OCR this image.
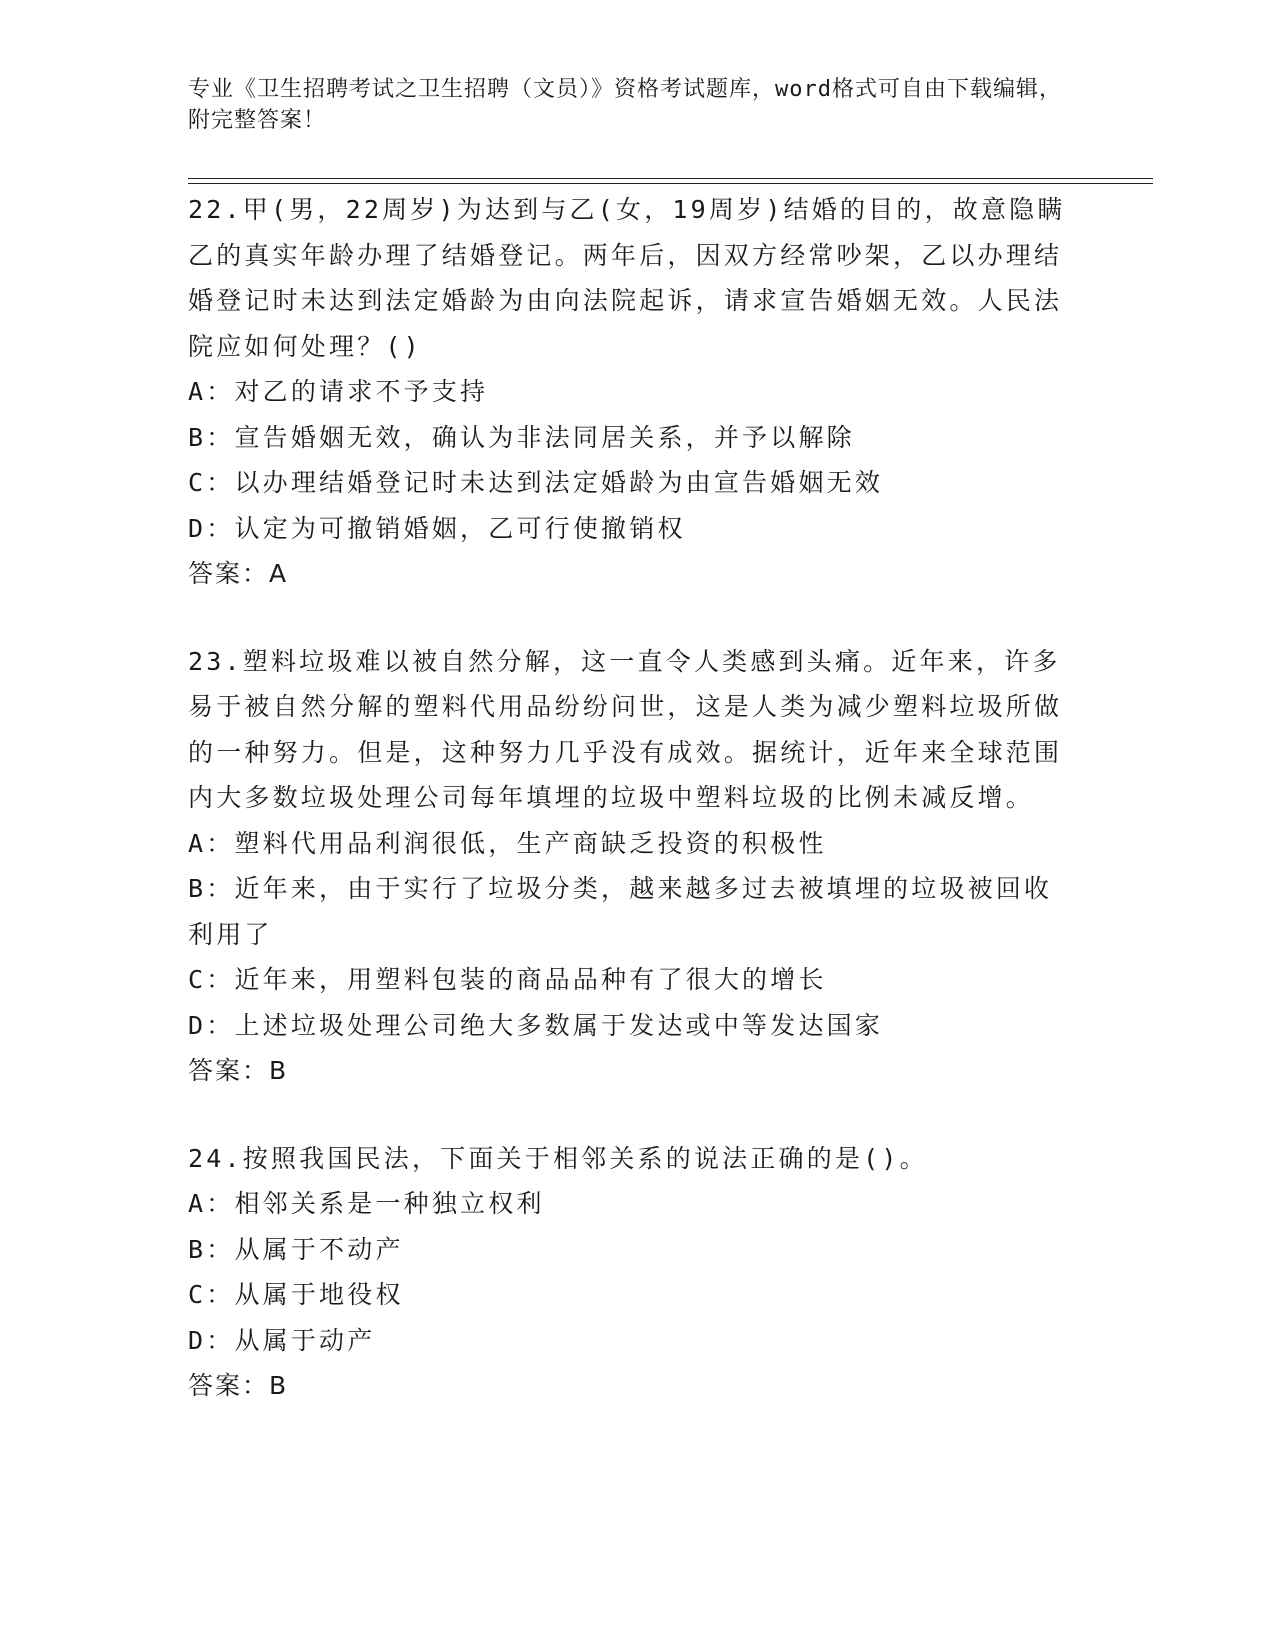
专业《卫生招聘考试之卫生招聘（文员）》资格考试题库，word格式可自由下载编辑，附完整答案！

22.甲(男，22周岁)为达到与乙(女，19周岁)结婚的目的，故意隐瞒乙的真实年龄办理了结婚登记。两年后，因双方经常吵架，乙以办理结婚登记时未达到法定婚龄为由向法院起诉，请求宣告婚姻无效。人民法院应如何处理？()

A：对乙的请求不予支持

B：宣告婚姻无效，确认为非法同居关系，并予以解除

C：以办理结婚登记时未达到法定婚龄为由宣告婚姻无效

D：认定为可撤销婚姻，乙可行使撤销权

答案：A

23.塑料垃圾难以被自然分解，这一直令人类感到头痛。近年来，许多易于被自然分解的塑料代用品纷纷问世，这是人类为减少塑料垃圾所做的一种努力。但是，这种努力几乎没有成效。据统计，近年来全球范围内大多数垃圾处理公司每年填埋的垃圾中塑料垃圾的比例未减反增。

A：塑料代用品利润很低，生产商缺乏投资的积极性

B：近年来，由于实行了垃圾分类，越来越多过去被填埋的垃圾被回收利用了

C：近年来，用塑料包装的商品品种有了很大的增长

D：上述垃圾处理公司绝大多数属于发达或中等发达国家

答案：B

24.按照我国民法，下面关于相邻关系的说法正确的是()。

A：相邻关系是一种独立权利

B：从属于不动产

C：从属于地役权

D：从属于动产

答案：B
